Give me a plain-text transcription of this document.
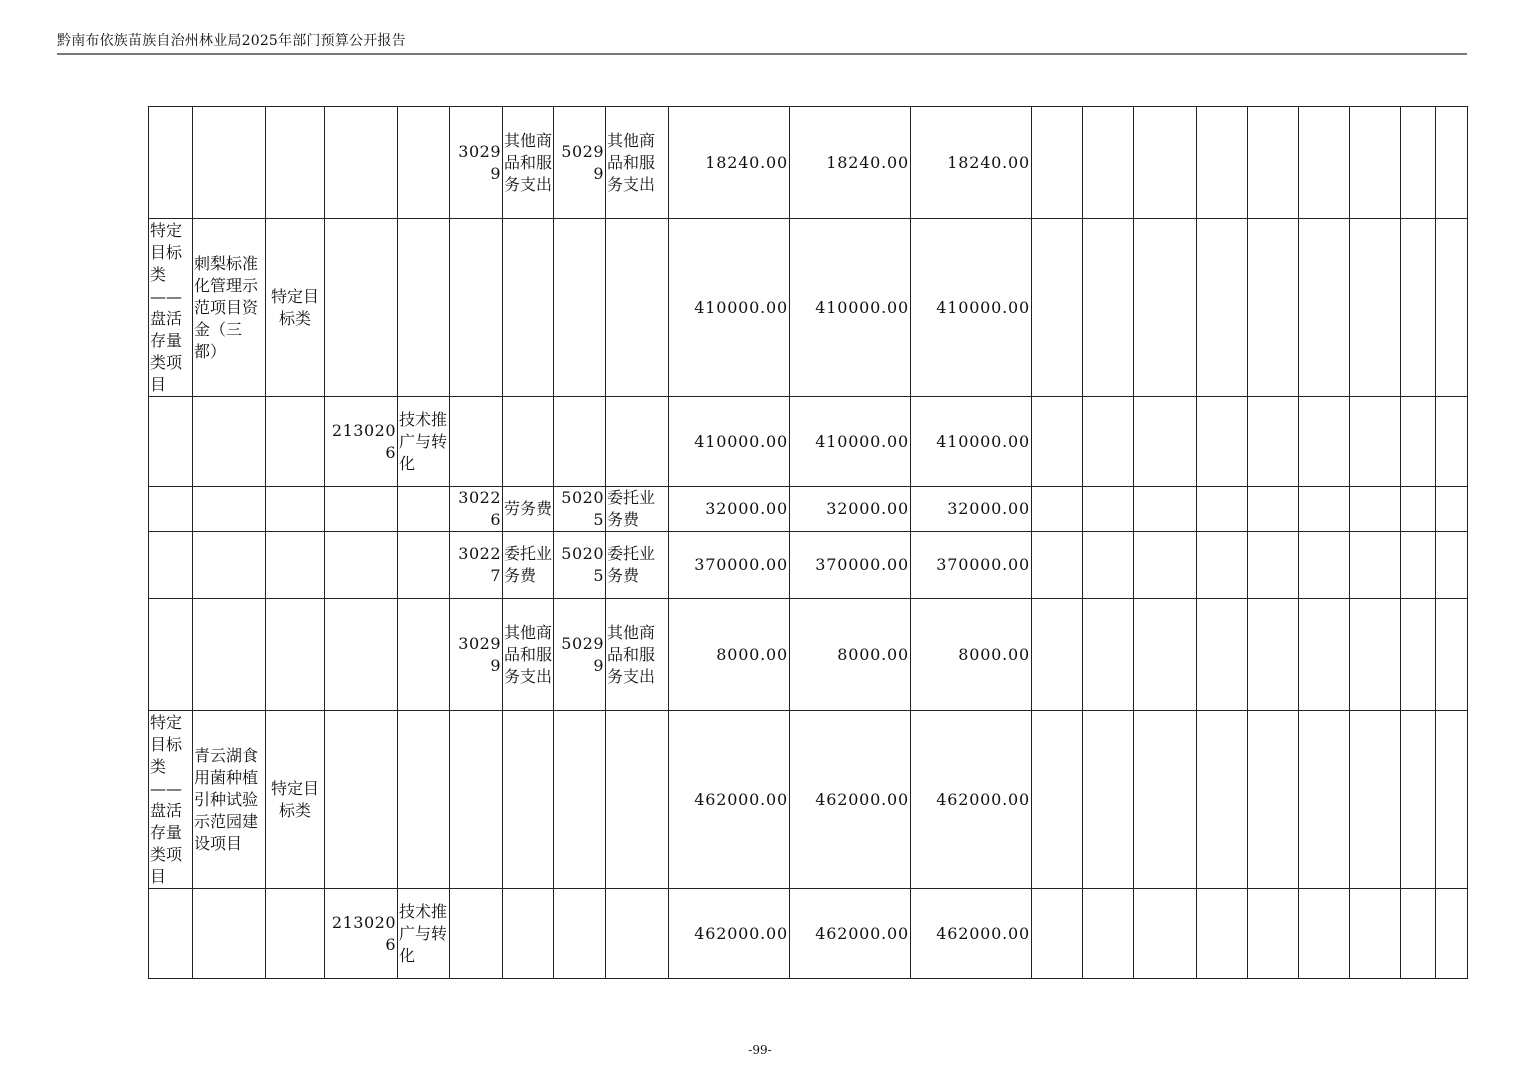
黔南布依族苗族自治州林业局2025年部门预算公开报告
					30299	其他商品和服务支出	50299	其他商品和服务支出	18240.00	18240.00	18240.00									
特定目标类——盘活存量类项目	刺梨标准化管理示范项目资金（三都）	特定目标类							410000.00	410000.00	410000.00									
			2130206	技术推广与转化					410000.00	410000.00	410000.00									
					30226	劳务费	50205	委托业务费	32000.00	32000.00	32000.00									
					30227	委托业务费	50205	委托业务费	370000.00	370000.00	370000.00									
					30299	其他商品和服务支出	50299	其他商品和服务支出	8000.00	8000.00	8000.00									
特定目标类——盘活存量类项目	青云湖食用菌种植引种试验示范园建设项目	特定目标类							462000.00	462000.00	462000.00									
			2130206	技术推广与转化					462000.00	462000.00	462000.00									
-99-
